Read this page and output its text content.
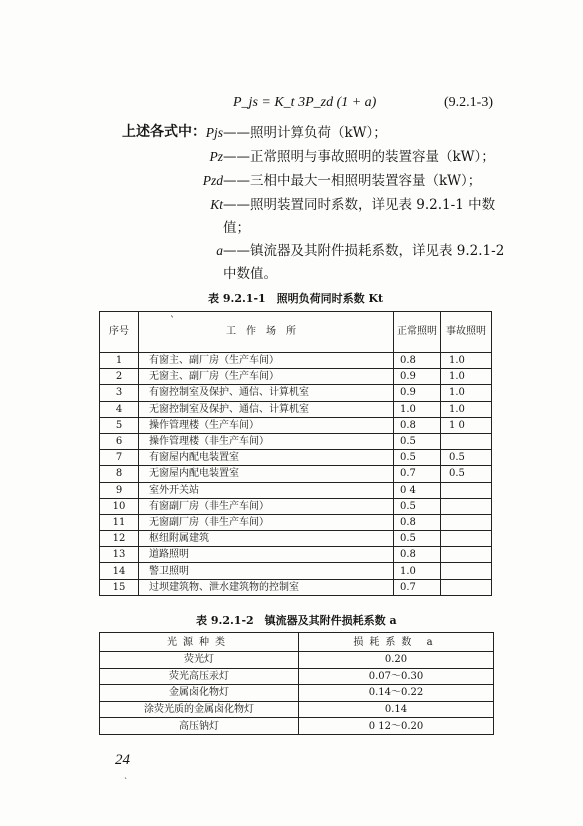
P_js = K_t 3P_zd (1 + a)	(9.2.1-3)
上述各式中： Pjs——照明计算负荷（kW）；
Pz——正常照明与事故照明的装置容量（kW）；
Pzd——三相中最大一相照明装置容量（kW）；
Kt——照明装置同时系数，详见表 9.2.1-1 中数
值；
a——镇流器及其附件损耗系数，详见表 9.2.1-2
中数值。
表 9.2.1-1　照明负荷同时系数 Kt
`
序号	工作场所	正常照明	事故照明
1	有窗主、副厂房（生产车间）	0.8	1.0
2	无窗主、副厂房（生产车间）	0.9	1.0
3	有窗控制室及保护、通信、计算机室	0.9	1.0
4	无窗控制室及保护、通信、计算机室	1.0	1.0
5	操作管理楼（生产车间）	0.8	1 0
6	操作管理楼（非生产车间）	0.5	
7	有窗屋内配电装置室	0.5	0.5
8	无窗屋内配电装置室	0.7	0.5
9	室外开关站	0 4	
10	有窗副厂房（非生产车间）	0.5	
11	无窗副厂房（非生产车间）	0.8	
12	枢纽附属建筑	0.5	
13	道路照明	0.8	
14	警卫照明	1.0	
15	过坝建筑物、泄水建筑物的控制室	0.7	
表 9.2.1-2　镇流器及其附件损耗系数 a
光源种类	损耗系数 a
荧光灯	0.20
荧光高压汞灯	0.07～0.30
金属卤化物灯	0.14～0.22
涂荧光质的金属卤化物灯	0.14
高压钠灯	0 12～0.20
24
`
